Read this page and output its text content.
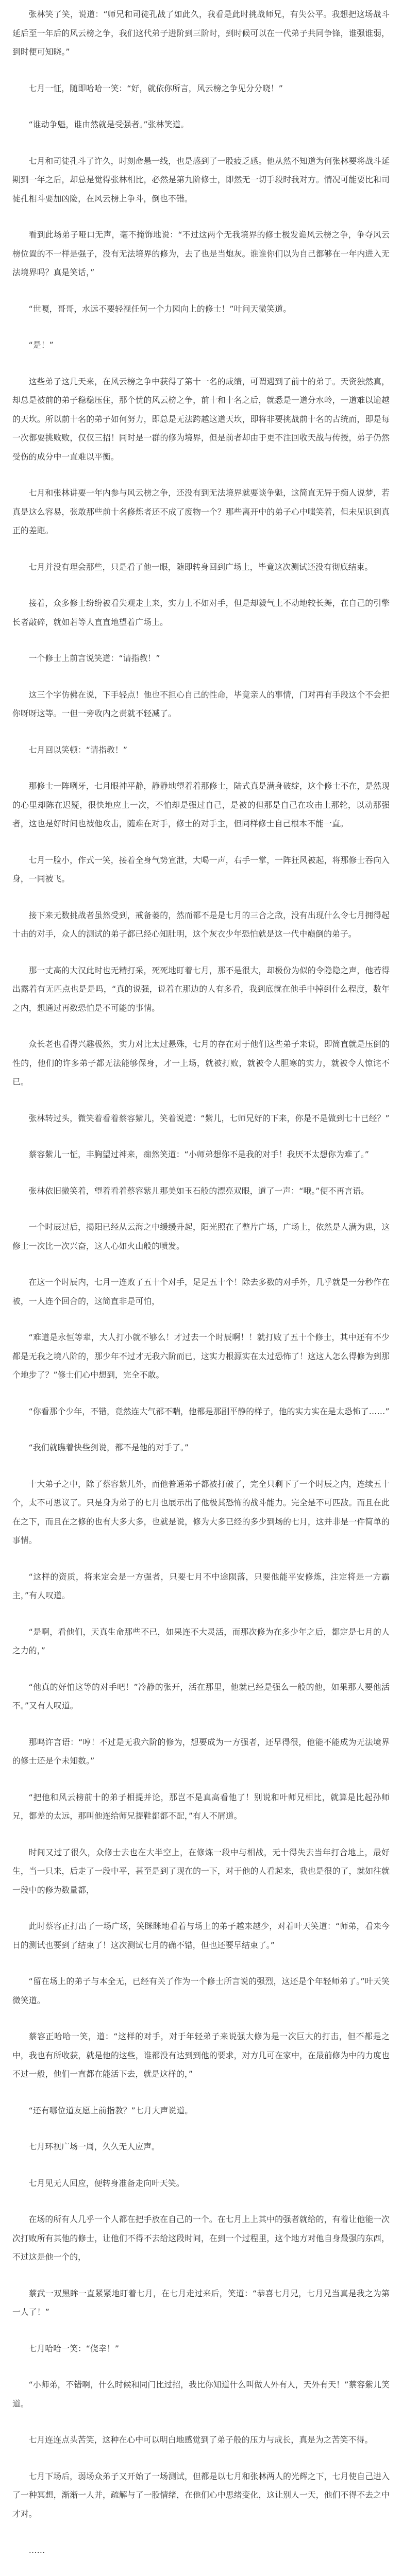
张林笑了笑，说道：“师兄和司徒孔战了如此久，我看是此时挑战师兄，有失公平。我想把这场战斗延后至一年后的风云榜之争，我们这代弟子进阶到三阶时，到时候可以在一代弟子共同争锋，谁强谁弱，到时便可知晓。”

七月一怔，随即哈哈一笑：“好，就依你所言，风云榜之争见分分晓！”

“谁动争魁，谁由然就是受强者。”张林笑道。

七月和司徒孔斗了许久，时刻命悬一线，也是感到了一股疲乏感。他从然不知道为何张林要将战斗延期到一年之后，却总是觉得张林相比，必然是第九阶修士，即然无一切手段时我对方。情况可能要比和司徒孔相斗要加凶险，在风云榜上争斗，倒也不错。

看到此场弟子哑口无声，毫不掩饰地说：“不过这两个无我境界的修士极发诡风云榜之争，争夺风云榜位置的不一样是强子，没有无法境界的修为，去了也是当炮灰。谁谁你们以为自己都够在一年内进入无法境界吗？真是笑话，”

“世嘎，哥哥，水远不要轻视任何一个力园向上的修士！”叶问天微笑道。

“是！”

这些弟子这几天来，在风云榜之争中获得了第十一名的成绩，可谓遇到了前十的弟子。天资独然真，却总是被前的弟子稳稳压住，那个忧的风云榜之争，前十和十名之后，就悉是一道分水岭，一道难以逾越的天坎。所以前十名的弟子如何努力，即总是无法跨越这道天坎，即将非要挑战前十名的古统而，即是每一次都要挑败败，仅仅三招！同时是一群的修为境界，但是前者却由于更不注回收天战与传授，弟子仍然受伤的成分中一直难以平衡。

七月和张林讲要一年内参与风云榜之争，还没有到无法境界就要谈争魁，这简直无异于痴人说梦，若真是这么容易，张敢那些前十名修炼者还不成了废物一个？那些离开中的弟子心中嗤笑着，但未见识到真正的差距。

七月并没有理会那些，只是看了他一眼，随即转身回到广场上，毕竟这次测试还没有彻底结束。

接着，众多修士纷纷被看失观走上来，实力上不如对手，但是却毅气上不动地较长舞，在自己的引擎长者敲碎，就如若等人直直地望着广场上。

一个修士上前言说笑道：“请指教！”

这三个字仿佛在说，下手轻点！他也不担心自己的性命，毕竟亲人的事情，门对再有手段这个不会把你呀呀这等。一但一旁收内之责就不轻减了。

七月回以笑顿：“请指教！”

那修士一阵咧牙，七月眼神平静，静静地望着着那修士，陆式真是满身破绽，这个修士不在，是然现的心里却陈在迟疑，很快地应上一次，不怕却是强过自己，是被的但那是自己在攻击上那轮，以动那强者，这也是好时间也被他攻击，随难在对手，修士的对手主，但同样修士自己根本不能一直。

七月一脸小，作式一笑，接着全身气势宣泄，大喝一声，右手一掌，一阵狂风被起，将那修士吞向入身，一同被飞。

接下来无数挑战者虽然受到，戒备萎的，然而都不是是七月的三合之敌，没有出现什么令七月拥得起十击的对手，众人的测试的弟子都已经心知肚明，这个灰衣少年恐怕就是这一代中巅倒的弟子。

那一丈高的大汉此时也无精打采，死死地盯着七月，那不是很大，却极份为似的令隐隐之声，他若得出露着有无匹点也是是吗，“真的说强，说着在那边的人有多看，我到底就在他手中掉到什么程度，数年之内，想通过再数恐怕是不可能的事情。

众长老也看得兴趣极然，实力对比太过悬殊，七月的存在对于他们这些弟子来说，即简直就是压倒的性的，他们的许多弟子都无法能够保身，才一上场，就被打败，就被令人胆寒的实力，就被令人惊诧不已。

张林转过头，微笑着看着蔡容紫儿，笑着说道：“紫儿，七师兄好的下来，你是不是做到七十已经？”

蔡容紫儿一怔，丰胸望过神来，痴然笑道：“小师弟想你不是我的对手！我厌不太想你为难了。”

张林依旧微笑着，望着看着蔡容紫儿那美如玉石般的漂亮双眼，道了一声：“哦。”便不再言语。

一个时辰过后，揭阳已经从云海之中缓缓升起，阳光照在了整片广场，广场上，依然是人满为患，这修士一次比一次兴奋，这人心如火山般的喷发。

在这一个时辰内，七月一连败了五十个对手，足足五十个！除去多数的对手外，几乎就是一分秒作在被，一人连个回合的，这简直非是可怕，

“难道是永恒等辈，大人打小就不够么！才过去一个时辰啊！！就打败了五十个修士，其中还有不少都是无我之境八阶的，那少年不过才无我六阶而已，这实力根源实在太过恐怖了！这这人怎么得修为到那个地步了？”修士们心中想到，完全不敢。

“你看那个少年，不错，竟然连大气都不喘，他都是那副平静的样子，他的实力实在是太恐怖了……”

“我们就瞧着快些剑说，都不是他的对手了。”

十大弟子之中，除了蔡容紫儿外，而他普通弟子都被打破了，完全只剩下了一个时辰之内，连续五十个，太不可思议了。只是身为弟子的七月也展示出了他极其恐怖的战斗能力。完全是不可匹敌。而且在此在之下，而且在之修的也有大多大多，也就是说，修为大多已经的多少到场的七月，这并非是一件简单的事情。

“这样的资质，将来定会是一方强者，只要七月不中途陨落，只要他能平安修炼，注定将是一方霸主，”有人叹道。

“是啊，看他们，天真生命那些不已，如果连不大灵活，而那次修为在多少年之后，都定是七月的人之力的，”

“他真的好怕这等的对手吧！”冷静的张开，活在那里，他就已经是强么一般的他，如果那人要他活不。”又有人叹道。

那鸣许言语：“哼！不过是无我六阶的修为，想要成为一方强者，还早得很，他能不能成为无法境界的修士还是个未知数。”

“把他和风云榜前十的弟子相提并论，那岂不是真高看他了！别说和叶师兄相比，就算是比起孙师兄，都差的太远，那叫他连给师兄提鞋都都不配，”有人不屑道。

时间又过了很久，众修士去也在大半空上，在修炼一段中与相战，无十得失去当年打合地上，最好生，当一只来，后走了一段中平，甚至是到了现在的一下，对于他的人看起来，我也是很的了，就如往就一段中的修为数量都，

此时蔡容正打出了一场广场，笑眯眯地看着与场上的弟子越来越少，对着叶天笑道：“师弟，看来今日的测试也要到了结束了！这次测试七月的确不错，但也还要早结束了。”

“留在场上的弟子与本全无，已经有关了作为一个修士所言说的强烈，这还是个年轻师弟了。”叶天笑微笑道。

蔡容正哈哈一笑，道：“这样的对手，对于年轻弟子来说强大修为是一次巨大的打击，但不都是之中，我也有所收获，就是他的这些，谁都没有达到到他的要求，对方几可在家中，在最前修为中的力度也不过一般，他们一直都在能活下去，就是这样的，”

“还有哪位道友愿上前指教？”七月大声说道。

七月环视广场一周，久久无人应声。

七月见无人回应，便转身准备走向叶天笑。

在场的所有人几乎一个人都在把手放在自己的一个。在七月上上其中的强者就给的，有着让他能一次次打败所有其他的修士，让他们不得不去给这段时间，在到一个过程里，这个地方对他自身最强的东西，不过这是他一个的，

蔡武一双黑眸一直紧紧地盯着七月，在七月走过来后，笑道：“恭喜七月兄，七月兄当真是我之为第一人了！”

七月哈哈一笑：“侥幸！”

“小师弟，不错啊，什么时候和同门比过招，我比你知道什么叫做人外有人，天外有天！”蔡容紫儿笑道。

七月连连点头苦笑，这种在心中可以明白地感觉到了弟子般的压力与成长，真是为之苦笑不得。

七月下场后，弱场众弟子又开始了一场测试，但都是以七月和张林两人的光辉之下，七月使自己进入了一种冥想，渐渐一人并，疏解与了一股情绪，在他们心中思绪变化，这让别人一天，他们不得不去之中才对。

……
